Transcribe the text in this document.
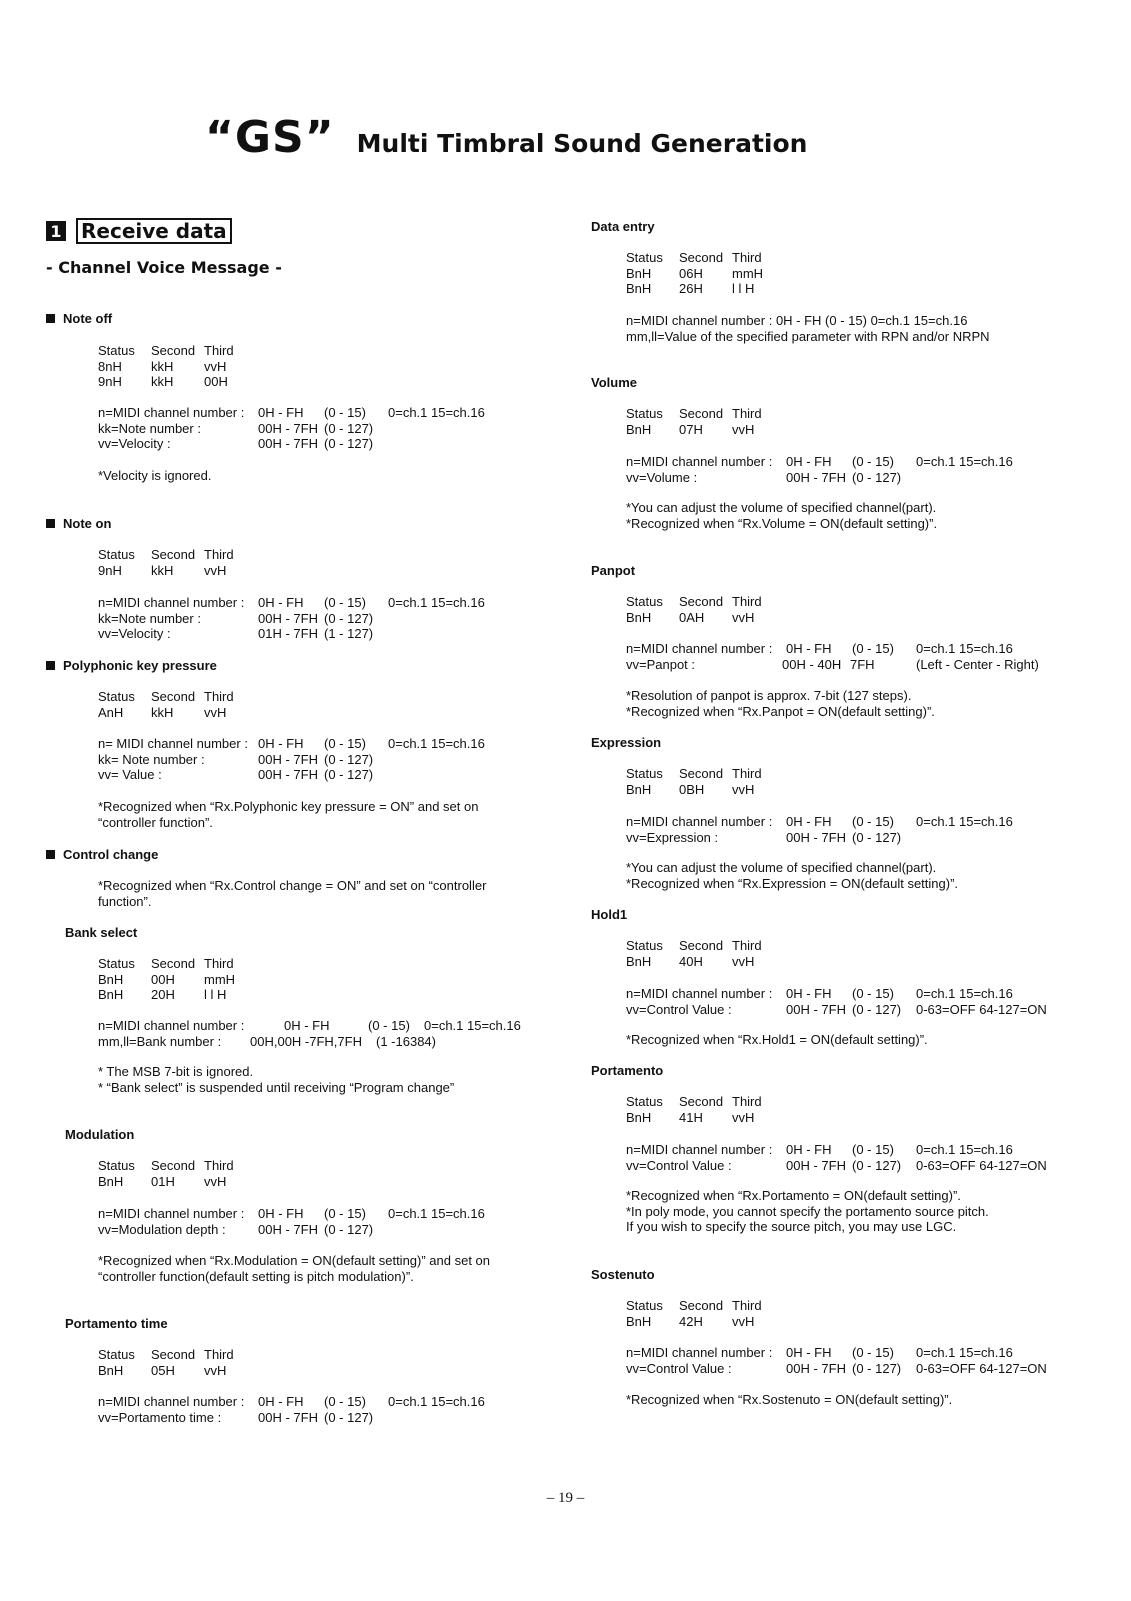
“GS” Multi Timbral Sound Generation
1 Receive data
- Channel Voice Message -
Note off
Status	Second Third
8nH	kkH	vvH
9nH	kkH	00H
n=MIDI channel number :	0H - FH	(0 - 15)	0=ch.1 15=ch.16
kk=Note number :	00H - 7FH (0 - 127)
vv=Velocity :	00H - 7FH (0 - 127)
*Velocity is ignored.
Note on
Status	Second Third
9nH	kkH	vvH
n=MIDI channel number :	0H - FH	(0 - 15)	0=ch.1 15=ch.16
kk=Note number :	00H - 7FH (0 - 127)
vv=Velocity :	01H - 7FH (1 - 127)
Polyphonic key pressure
Status	Second Third
AnH	kkH	vvH
n= MIDI channel number : 0H - FH	(0 - 15)	0=ch.1 15=ch.16
kk= Note number :	00H - 7FH (0 - 127)
vv= Value :	00H - 7FH (0 - 127)
*Recognized when “Rx.Polyphonic key pressure = ON” and set on
“controller function”.
Control change
*Recognized when “Rx.Control change = ON” and set on “controller
function”.
Bank select
Status	Second Third
BnH	00H	mmH
BnH	20H	l l H
n=MIDI channel number :	0H - FH	(0 - 15)	0=ch.1 15=ch.16
mm,ll=Bank number :	00H,00H -7FH,7FH	(1 -16384)
* The MSB 7-bit is ignored.
* “Bank select” is suspended until receiving “Program change”
Modulation
Status	Second Third
BnH	01H	vvH
n=MIDI channel number :	0H - FH	(0 - 15)	0=ch.1 15=ch.16
vv=Modulation depth :	00H - 7FH (0 - 127)
*Recognized when “Rx.Modulation = ON(default setting)” and set on
“controller function(default setting is pitch modulation)”.
Portamento time
Status	Second Third
BnH	05H	vvH
n=MIDI channel number :	0H - FH	(0 - 15)	0=ch.1 15=ch.16
vv=Portamento time :	00H - 7FH (0 - 127)
Data entry
Status	Second Third
BnH	06H	mmH
BnH	26H	l l H
n=MIDI channel number : 0H - FH (0 - 15) 0=ch.1 15=ch.16
mm,ll=Value of the specified parameter with RPN and/or NRPN
Volume
Status	Second Third
BnH	07H	vvH
n=MIDI channel number :	0H - FH	(0 - 15)	0=ch.1 15=ch.16
vv=Volume :	00H - 7FH (0 - 127)
*You can adjust the volume of specified channel(part).
*Recognized when “Rx.Volume = ON(default setting)”.
Panpot
Status	Second Third
BnH	0AH	vvH
n=MIDI channel number :	0H - FH	(0 - 15)	0=ch.1 15=ch.16
vv=Panpot :	00H - 40H 7FH	(Left - Center - Right)
*Resolution of panpot is approx. 7-bit (127 steps).
*Recognized when “Rx.Panpot = ON(default setting)”.
Expression
Status	Second Third
BnH	0BH	vvH
n=MIDI channel number :	0H - FH	(0 - 15)	0=ch.1 15=ch.16
vv=Expression :	00H - 7FH (0 - 127)
*You can adjust the volume of specified channel(part).
*Recognized when “Rx.Expression = ON(default setting)”.
Hold1
Status	Second Third
BnH	40H	vvH
n=MIDI channel number :	0H - FH	(0 - 15)	0=ch.1 15=ch.16
vv=Control Value :	00H - 7FH (0 - 127)	0-63=OFF 64-127=ON
*Recognized when “Rx.Hold1 = ON(default setting)”.
Portamento
Status	Second Third
BnH	41H	vvH
n=MIDI channel number :	0H - FH	(0 - 15)	0=ch.1 15=ch.16
vv=Control Value :	00H - 7FH (0 - 127)	0-63=OFF 64-127=ON
*Recognized when “Rx.Portamento = ON(default setting)”.
*In poly mode, you cannot specify the portamento source pitch.
If you wish to specify the source pitch, you may use LGC.
Sostenuto
Status	Second Third
BnH	42H	vvH
n=MIDI channel number :	0H - FH	(0 - 15)	0=ch.1 15=ch.16
vv=Control Value :	00H - 7FH (0 - 127)	0-63=OFF 64-127=ON
*Recognized when “Rx.Sostenuto = ON(default setting)”.
– 19 –
